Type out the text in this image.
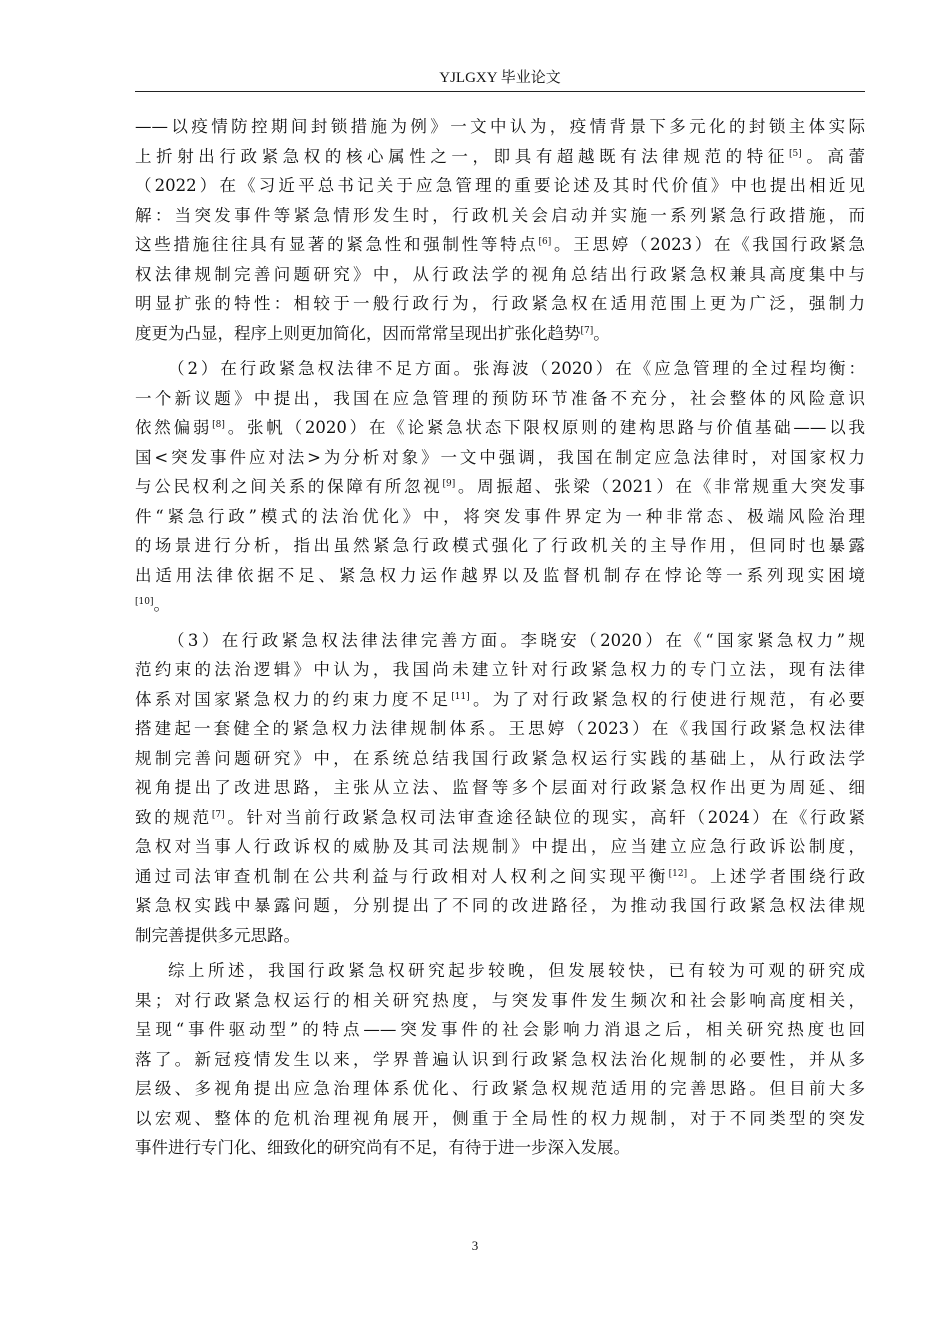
YJLGXY 毕业论文
——以疫情防控期间封锁措施为例》一文中认为，疫情背景下多元化的封锁主体实际
上折射出行政紧急权的核心属性之一，即具有超越既有法律规范的特征[5]。高蕾
（2022）在《习近平总书记关于应急管理的重要论述及其时代价值》中也提出相近见
解：当突发事件等紧急情形发生时，行政机关会启动并实施一系列紧急行政措施，而
这些措施往往具有显著的紧急性和强制性等特点[6]。王思婷（2023）在《我国行政紧急
权法律规制完善问题研究》中，从行政法学的视角总结出行政紧急权兼具高度集中与
明显扩张的特性：相较于一般行政行为，行政紧急权在适用范围上更为广泛，强制力
度更为凸显，程序上则更加简化，因而常常呈现出扩张化趋势[7]。
（2）在行政紧急权法律不足方面。张海波（2020）在《应急管理的全过程均衡：
一个新议题》中提出，我国在应急管理的预防环节准备不充分，社会整体的风险意识
依然偏弱[8]。张帆（2020）在《论紧急状态下限权原则的建构思路与价值基础——以我
国<突发事件应对法>为分析对象》一文中强调，我国在制定应急法律时，对国家权力
与公民权利之间关系的保障有所忽视[9]。周振超、张梁（2021）在《非常规重大突发事
件“紧急行政”模式的法治优化》中，将突发事件界定为一种非常态、极端风险治理
的场景进行分析，指出虽然紧急行政模式强化了行政机关的主导作用，但同时也暴露
出适用法律依据不足、紧急权力运作越界以及监督机制存在悖论等一系列现实困境
[10]。
（3）在行政紧急权法律法律完善方面。李晓安（2020）在《“国家紧急权力”规
范约束的法治逻辑》中认为，我国尚未建立针对行政紧急权力的专门立法，现有法律
体系对国家紧急权力的约束力度不足[11]。为了对行政紧急权的行使进行规范，有必要
搭建起一套健全的紧急权力法律规制体系。王思婷（2023）在《我国行政紧急权法律
规制完善问题研究》中，在系统总结我国行政紧急权运行实践的基础上，从行政法学
视角提出了改进思路，主张从立法、监督等多个层面对行政紧急权作出更为周延、细
致的规范[7]。针对当前行政紧急权司法审查途径缺位的现实，高轩（2024）在《行政紧
急权对当事人行政诉权的威胁及其司法规制》中提出，应当建立应急行政诉讼制度，
通过司法审查机制在公共利益与行政相对人权利之间实现平衡[12]。上述学者围绕行政
紧急权实践中暴露问题，分别提出了不同的改进路径，为推动我国行政紧急权法律规
制完善提供多元思路。
综上所述，我国行政紧急权研究起步较晚，但发展较快，已有较为可观的研究成
果；对行政紧急权运行的相关研究热度，与突发事件发生频次和社会影响高度相关，
呈现“事件驱动型”的特点——突发事件的社会影响力消退之后，相关研究热度也回
落了。新冠疫情发生以来，学界普遍认识到行政紧急权法治化规制的必要性，并从多
层级、多视角提出应急治理体系优化、行政紧急权规范适用的完善思路。但目前大多
以宏观、整体的危机治理视角展开，侧重于全局性的权力规制，对于不同类型的突发
事件进行专门化、细致化的研究尚有不足，有待于进一步深入发展。
3
